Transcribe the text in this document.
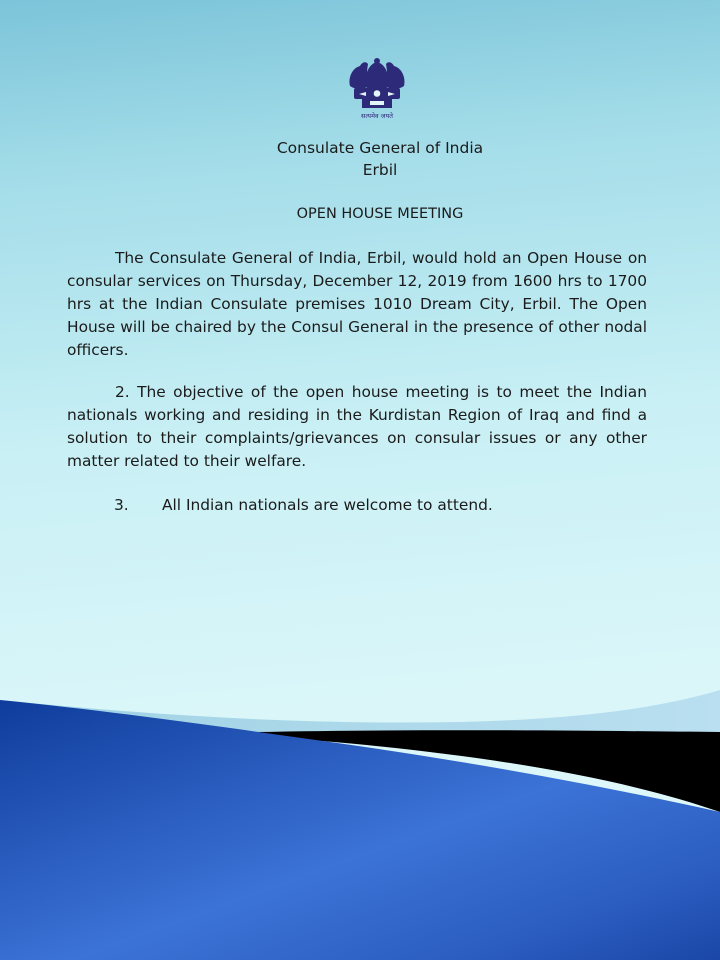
सत्यमेव जयते
Consulate General of India
Erbil
OPEN HOUSE MEETING

The Consulate General of India, Erbil, would hold an Open House on consular services on Thursday, December 12, 2019 from 1600 hrs to 1700 hrs at the Indian Consulate premises 1010 Dream City, Erbil. The Open House will be chaired by the Consul General in the presence of other nodal officers.

2. The objective of the open house meeting is to meet the Indian nationals working and residing in the Kurdistan Region of Iraq and find a solution to their complaints/grievances on consular issues or any other matter related to their welfare.

3. All Indian nationals are welcome to attend.
